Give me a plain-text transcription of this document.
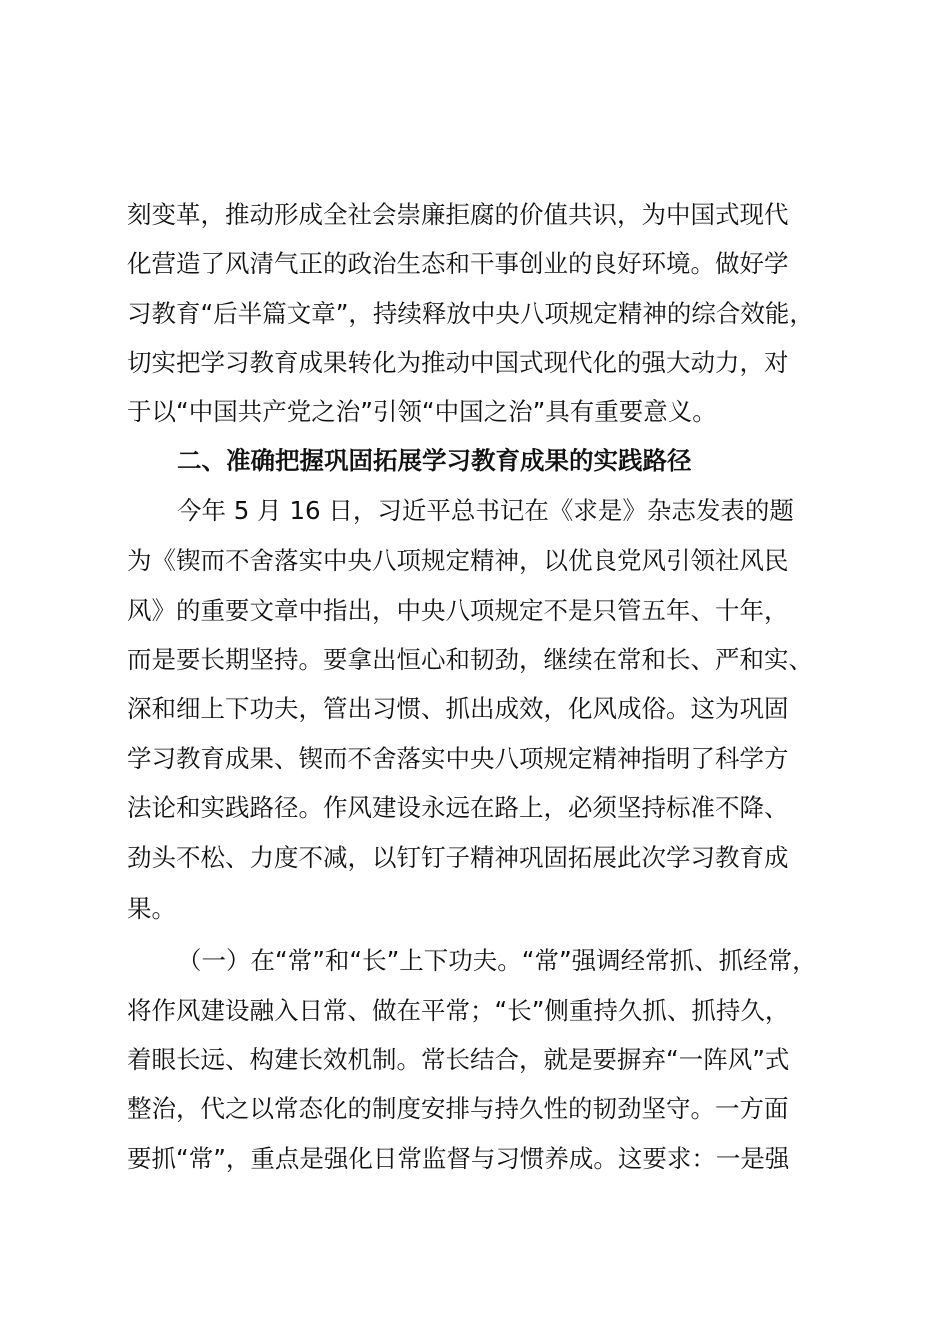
刻变革，推动形成全社会崇廉拒腐的价值共识，为中国式现代
化营造了风清气正的政治生态和干事创业的良好环境。做好学
习教育“后半篇文章”，持续释放中央八项规定精神的综合效能，
切实把学习教育成果转化为推动中国式现代化的强大动力，对
于以“中国共产党之治”引领“中国之治”具有重要意义。
二、准确把握巩固拓展学习教育成果的实践路径
今年 5 月 16 日，习近平总书记在《求是》杂志发表的题
为《锲而不舍落实中央八项规定精神，以优良党风引领社风民
风》的重要文章中指出，中央八项规定不是只管五年、十年，
而是要长期坚持。要拿出恒心和韧劲，继续在常和长、严和实、
深和细上下功夫，管出习惯、抓出成效，化风成俗。这为巩固
学习教育成果、锲而不舍落实中央八项规定精神指明了科学方
法论和实践路径。作风建设永远在路上，必须坚持标准不降、
劲头不松、力度不减，以钉钉子精神巩固拓展此次学习教育成
果。
（一）在“常”和“长”上下功夫。“常”强调经常抓、抓经常，
将作风建设融入日常、做在平常；“长”侧重持久抓、抓持久，
着眼长远、构建长效机制。常长结合，就是要摒弃“一阵风”式
整治，代之以常态化的制度安排与持久性的韧劲坚守。一方面
要抓“常”，重点是强化日常监督与习惯养成。这要求：一是强
